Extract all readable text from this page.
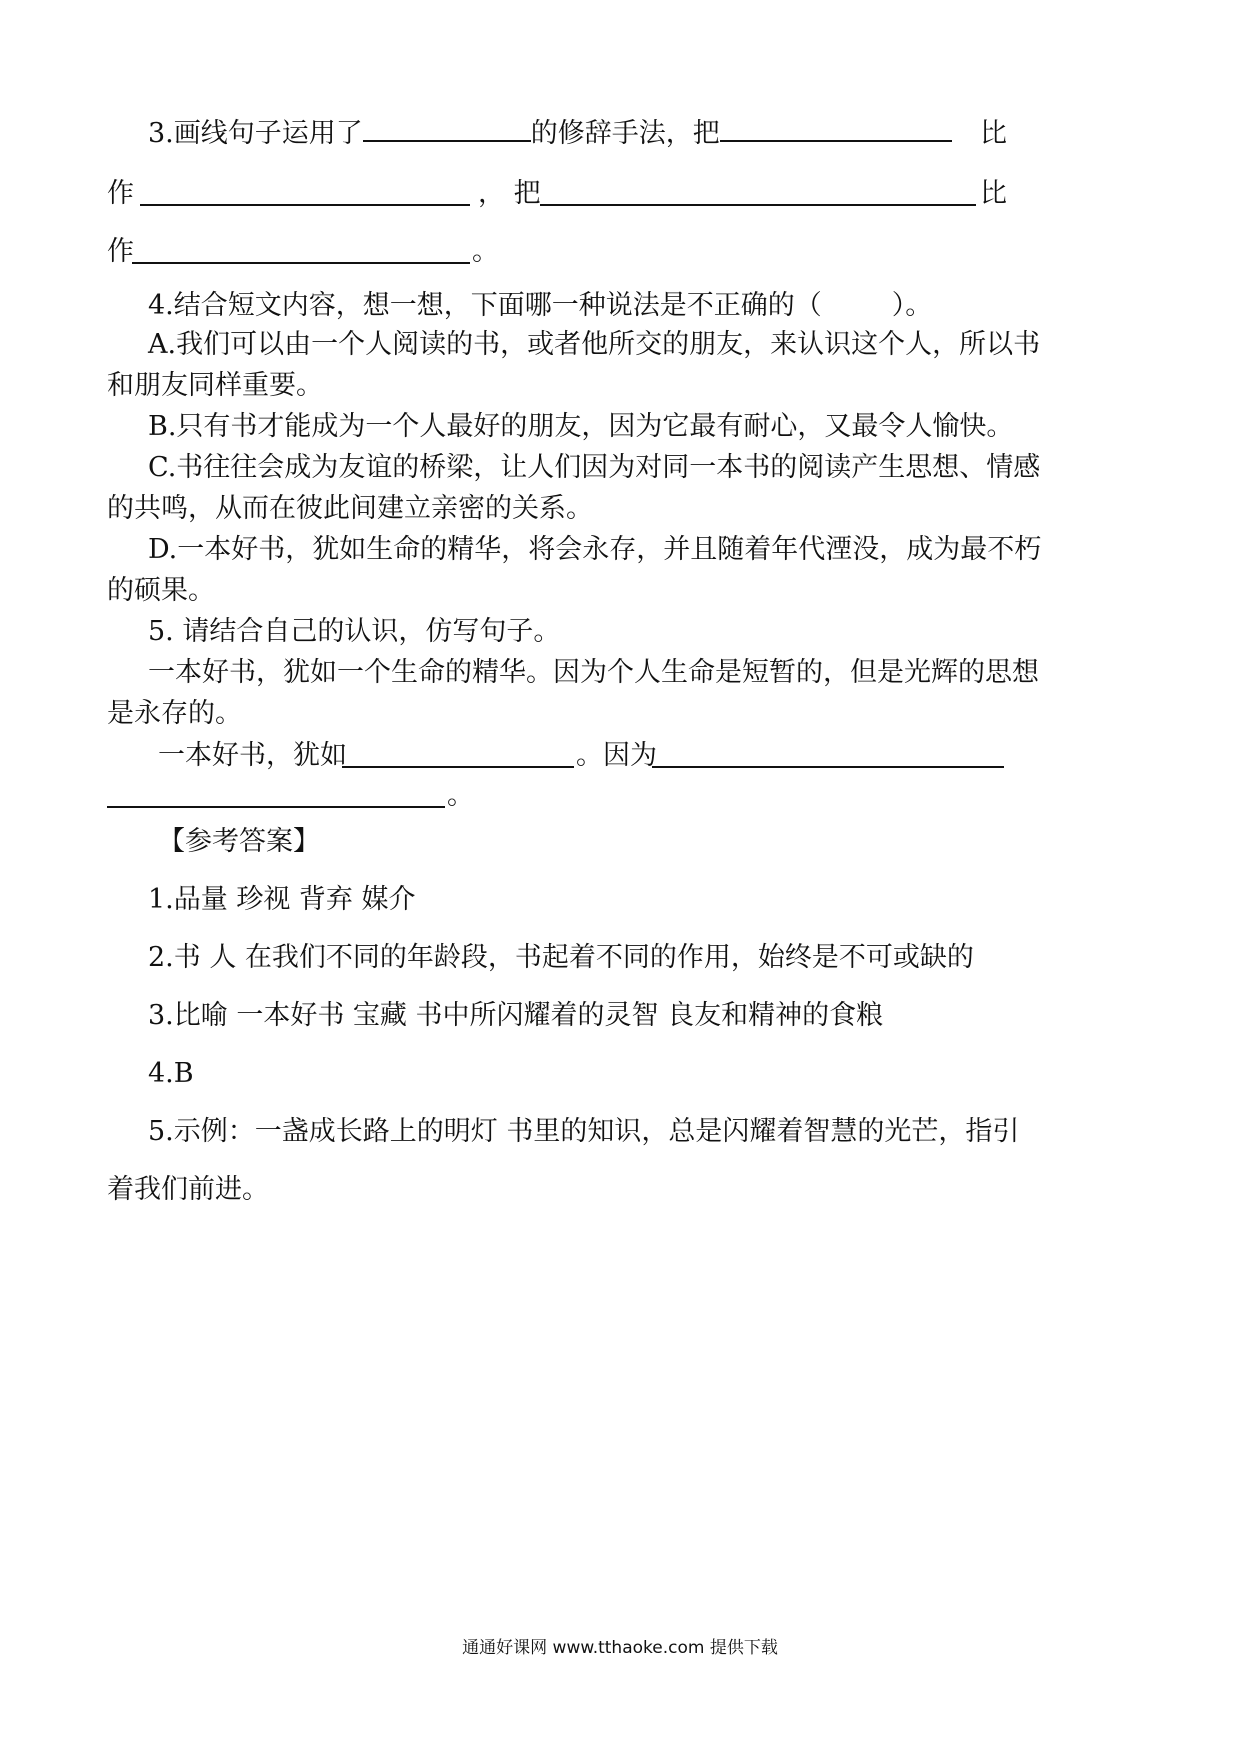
3.画线句子运用了	的修辞手法，把	比
作	， 把	比
作	。
4.结合短文内容，想一想，下面哪一种说法是不正确的（	）。
A.我们可以由一个人阅读的书，或者他所交的朋友，来认识这个人，所以书
和朋友同样重要。
B.只有书才能成为一个人最好的朋友，因为它最有耐心，又最令人愉快。
C.书往往会成为友谊的桥梁，让人们因为对同一本书的阅读产生思想、情感
的共鸣，从而在彼此间建立亲密的关系。
D.一本好书，犹如生命的精华，将会永存，并且随着年代湮没，成为最不朽
的硕果。
5. 请结合自己的认识，仿写句子。
一本好书，犹如一个生命的精华。因为个人生命是短暂的，但是光辉的思想
是永存的。
一本好书，犹如	。因为
。
【参考答案】
1.品量 珍视 背弃 媒介
2.书 人 在我们不同的年龄段，书起着不同的作用，始终是不可或缺的
3.比喻 一本好书 宝藏 书中所闪耀着的灵智 良友和精神的食粮
4.B
5.示例：一盏成长路上的明灯 书里的知识，总是闪耀着智慧的光芒，指引
着我们前进。
通通好课网 www.tthaoke.com 提供下载
